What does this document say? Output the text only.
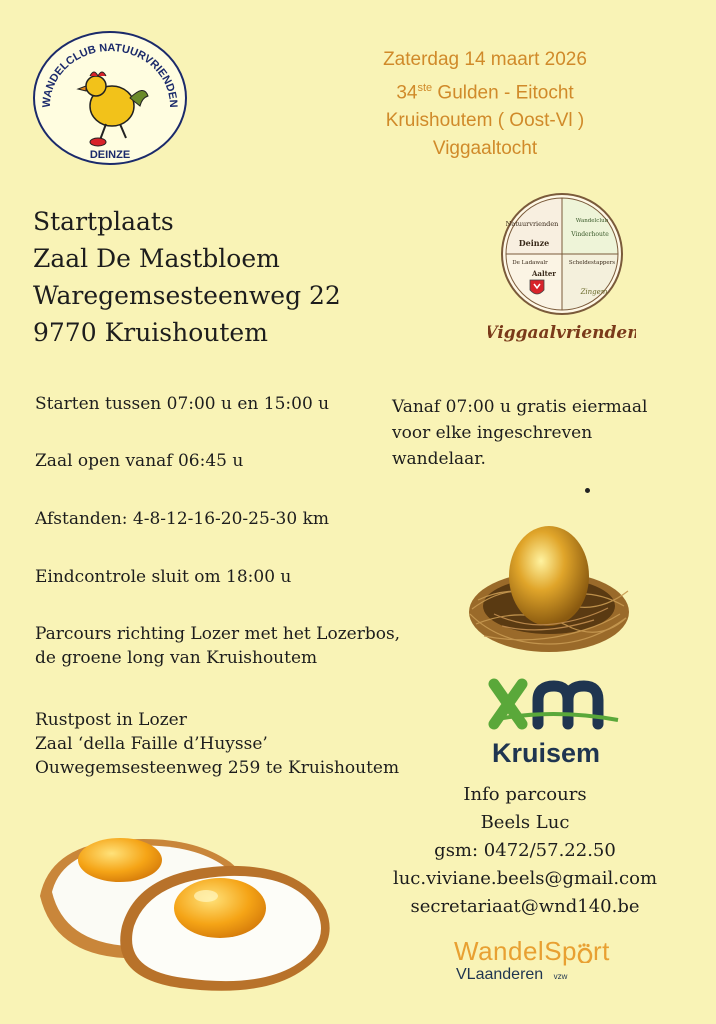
WANDELCLUB NATUURVRIENDEN
DEINZE
Zaterdag 14 maart 2026
34ste Gulden - Eitocht
Kruishoutem ( Oost-Vl )
Viggaaltocht
Startplaats
Zaal De Mastbloem
Waregemsesteenweg 22
9770 Kruishoutem
Natuurvrienden
Deinze
Vinderhoute
Wandelclub
De Ladawalr
Aalter
Scheldestappers
Zingem
Viggaalvrienden
Starten tussen 07:00 u en 15:00 u
Zaal open vanaf 06:45 u
Afstanden: 4-8-12-16-20-25-30 km
Eindcontrole sluit om 18:00 u
Parcours richting Lozer met het Lozerbos,
de groene long van Kruishoutem
Rustpost in Lozer
Zaal ‘della Faille d’Huysse’
Ouwegemsesteenweg 259 te Kruishoutem
Vanaf 07:00 u gratis eiermaal
voor elke ingeschreven
wandelaar.
Kruisem
Info parcours
Beels Luc
gsm: 0472/57.22.50
luc.viviane.beels@gmail.com
secretariaat@wnd140.be
WandelSp rt
VLaanderen vzw
